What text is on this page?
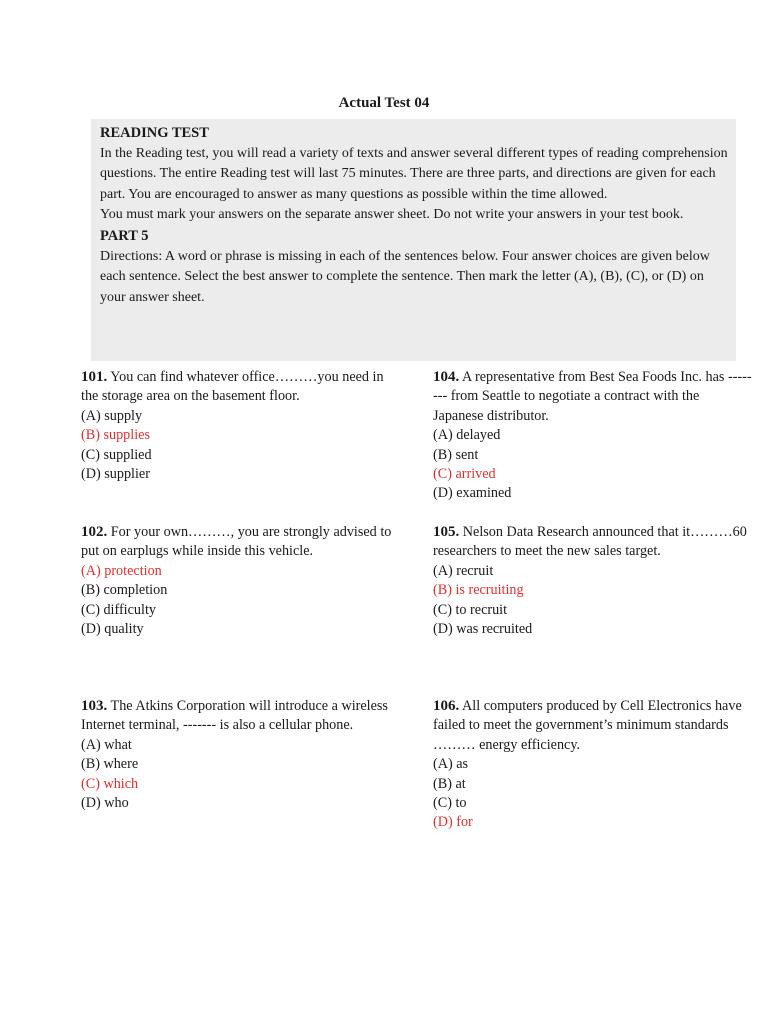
Actual Test 04

READING TEST

In the Reading test, you will read a variety of texts and answer several different types of reading comprehension questions. The entire Reading test will last 75 minutes. There are three parts, and directions are given for each part. You are encouraged to answer as many questions as possible within the time allowed.

You must mark your answers on the separate answer sheet. Do not write your answers in your test book.

PART 5

Directions: A word or phrase is missing in each of the sentences below. Four answer choices are given below each sentence. Select the best answer to complete the sentence. Then mark the letter (A), (B), (C), or (D) on your answer sheet.

101. You can find whatever office………you need in the storage area on the basement floor.

(A) supply
(B) supplies
(C) supplied
(D) supplier

102. For your own………, you are strongly advised to put on earplugs while inside this vehicle.

(A) protection
(B) completion
(C) difficulty
(D) quality

103. The Atkins Corporation will introduce a wireless Internet terminal, ------- is also a cellular phone.

(A) what
(B) where
(C) which
(D) who

104. A representative from Best Sea Foods Inc. has -------- from Seattle to negotiate a contract with the Japanese distributor.

(A) delayed
(B) sent
(C) arrived
(D) examined

105. Nelson Data Research announced that it………60 researchers to meet the new sales target.

(A) recruit
(B) is recruiting
(C) to recruit
(D) was recruited

106. All computers produced by Cell Electronics have failed to meet the government’s minimum standards ……… energy efficiency.

(A) as
(B) at
(C) to
(D) for
